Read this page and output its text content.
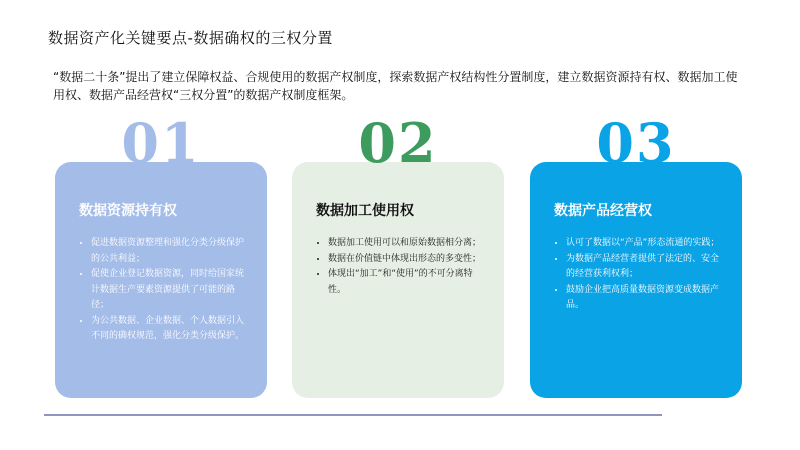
数据资产化关键要点-数据确权的三权分置
“数据二十条”提出了建立保障权益、合规使用的数据产权制度，探索数据产权结构性分置制度，建立数据资源持有权、数据加工使用权、数据产品经营权“三权分置”的数据产权制度框架。
数据资源持有权
• 促进数据资源整理和强化分类分级保护的公共利益；
• 促使企业登记数据资源，同时给国家统计数据生产要素资源提供了可能的路径；
• 为公共数据、企业数据、个人数据引入不同的确权规范，强化分类分级保护。
01
数据加工使用权
• 数据加工使用可以和原始数据相分离；
• 数据在价值链中体现出形态的多变性；
• 体现出“加工”和“使用”的不可分离特性。
02
数据产品经营权
• 认可了数据以“产品”形态流通的实践；
• 为数据产品经营者提供了法定的、安全的经营获利权利；
• 鼓励企业把高质量数据资源变成数据产品。
03
